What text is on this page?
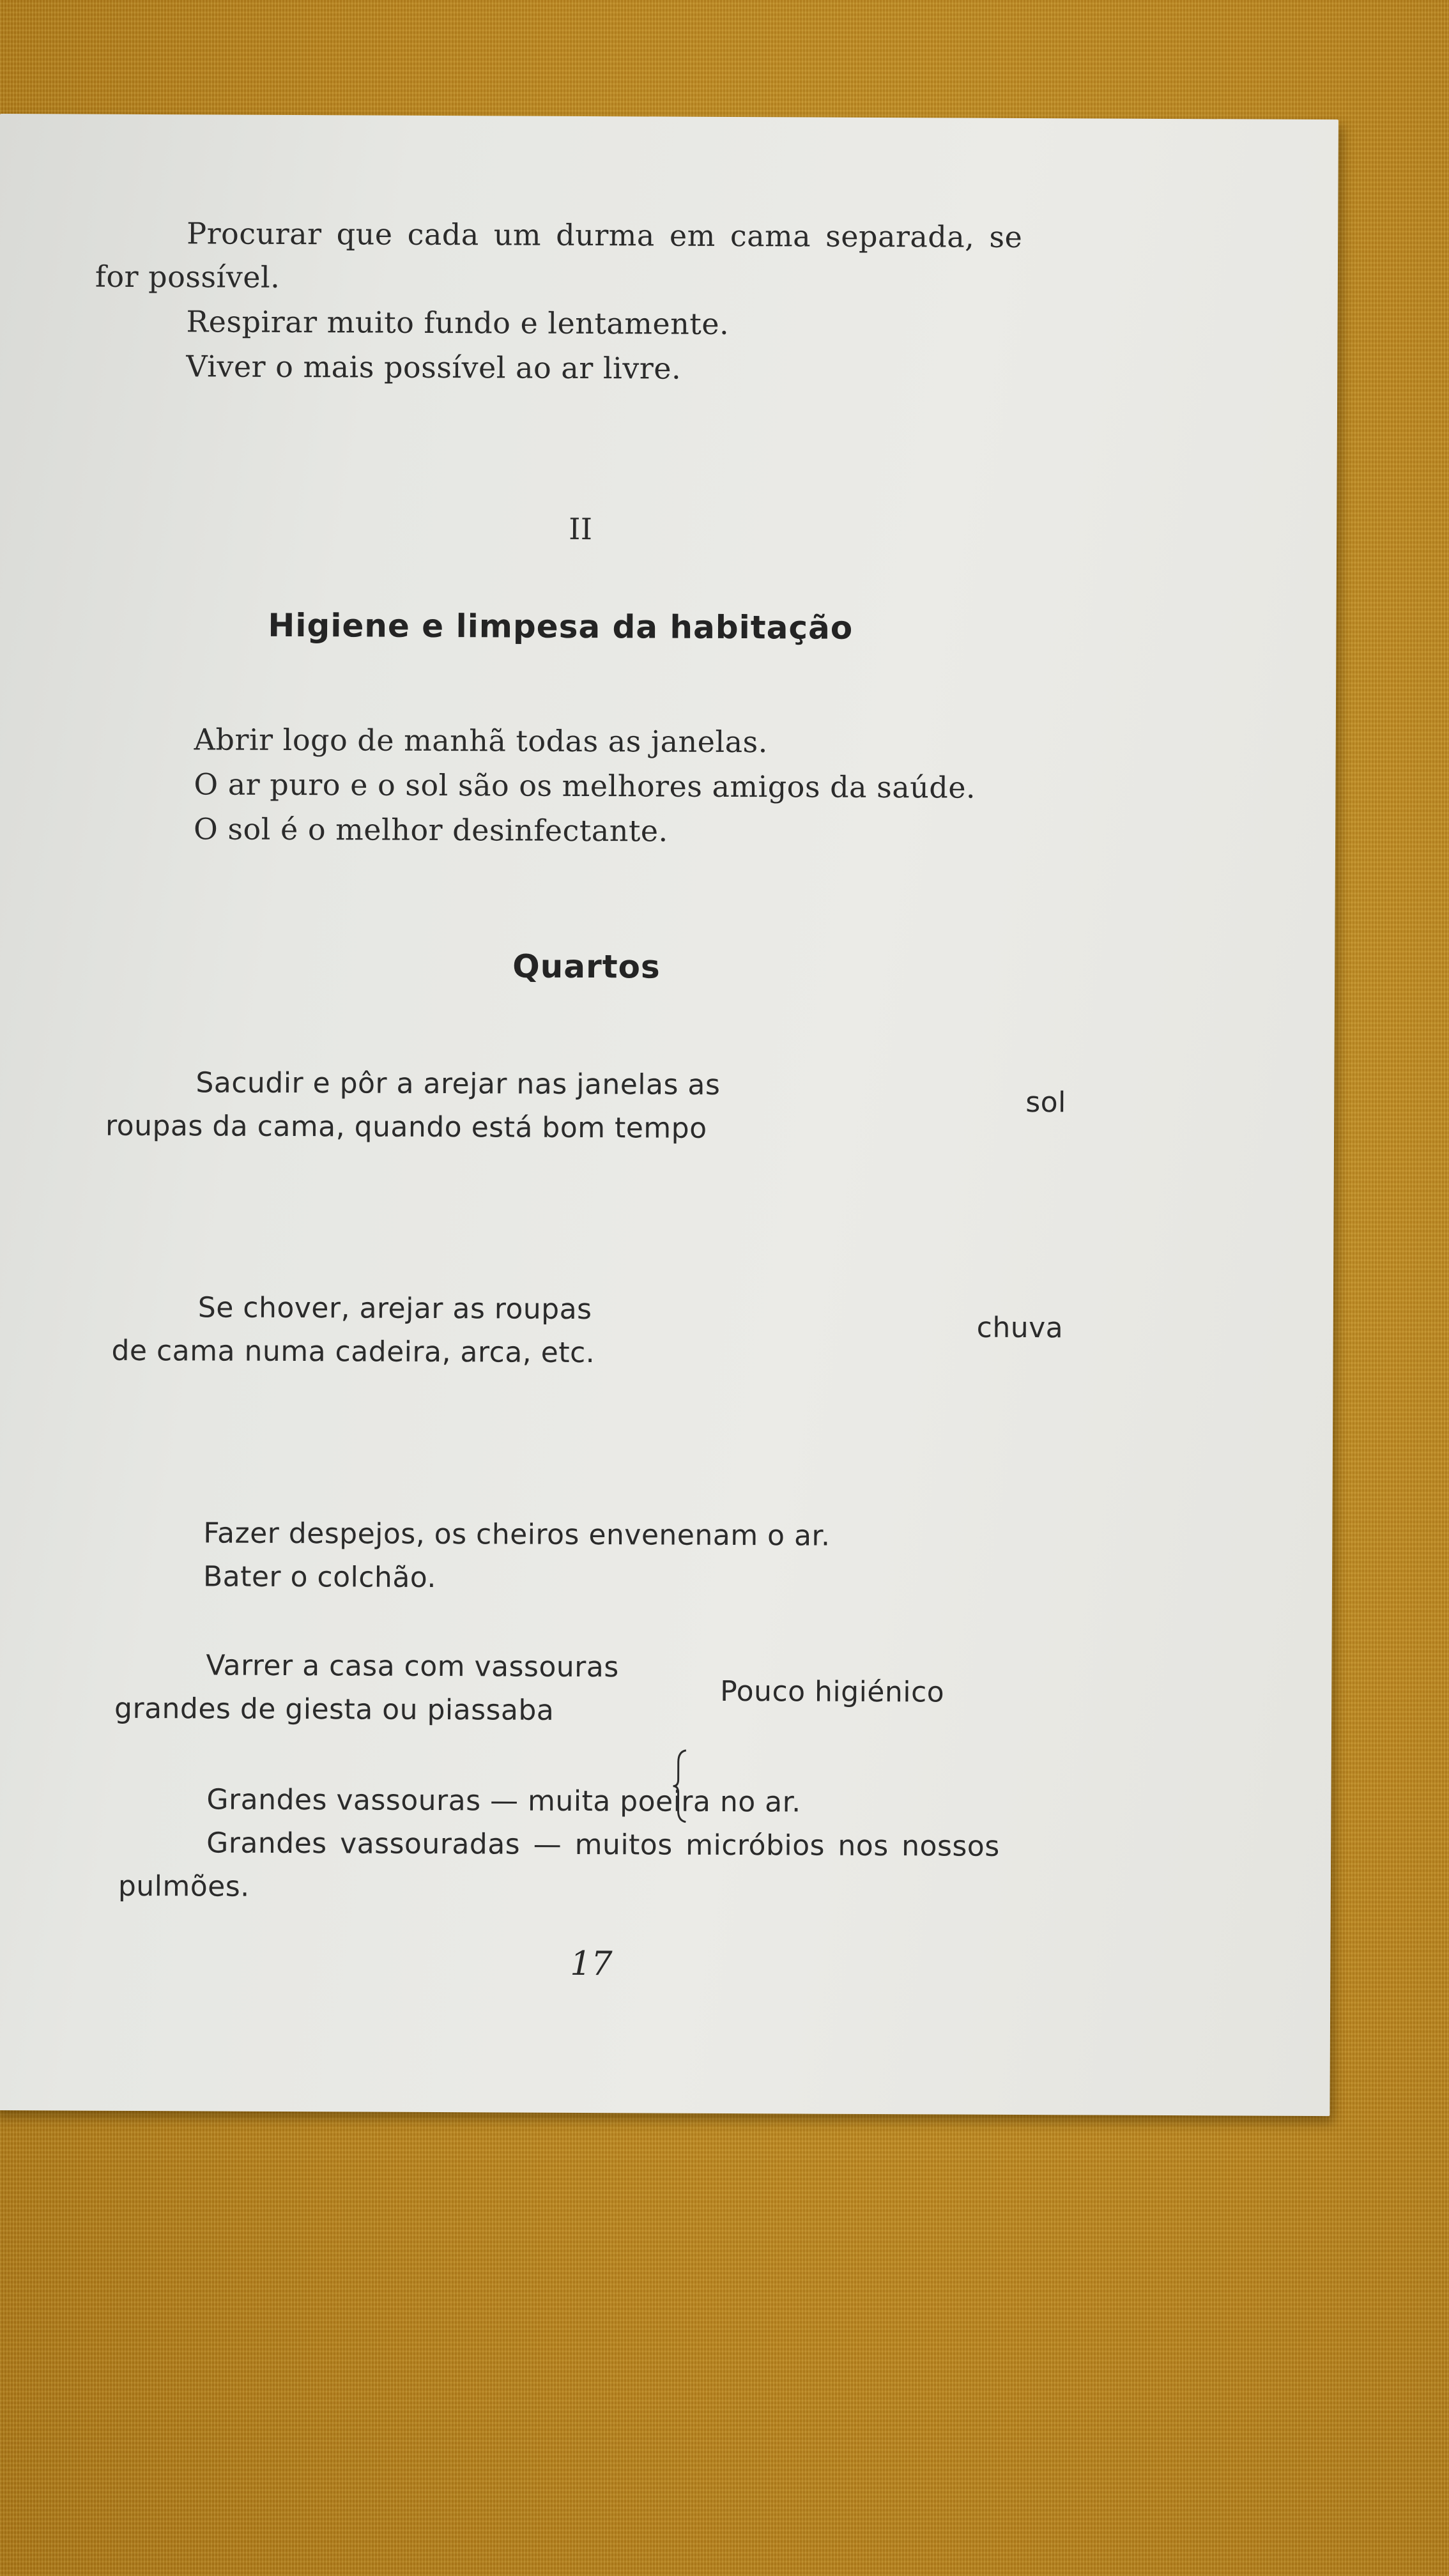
Procurar que cada um durma em cama separada, se
for possível.
Respirar muito fundo e lentamente.
Viver o mais possível ao ar livre.
II
Higiene e limpesa da habitação
Abrir logo de manhã todas as janelas.
O ar puro e o sol são os melhores amigos da saúde.
O sol é o melhor desinfectante.
Quartos
Sacudir e pôr a arejar nas janelas as
roupas da cama, quando está bom tempo
sol
Se chover, arejar as roupas
de cama numa cadeira, arca, etc.
chuva
Fazer despejos, os cheiros envenenam o ar.
Bater o colchão.
Varrer a casa com vassouras
grandes de giesta ou piassaba
Pouco higiénico
Grandes vassouras — muita poeira no ar.
Grandes vassouradas — muitos micróbios nos nossos
pulmões.
17
